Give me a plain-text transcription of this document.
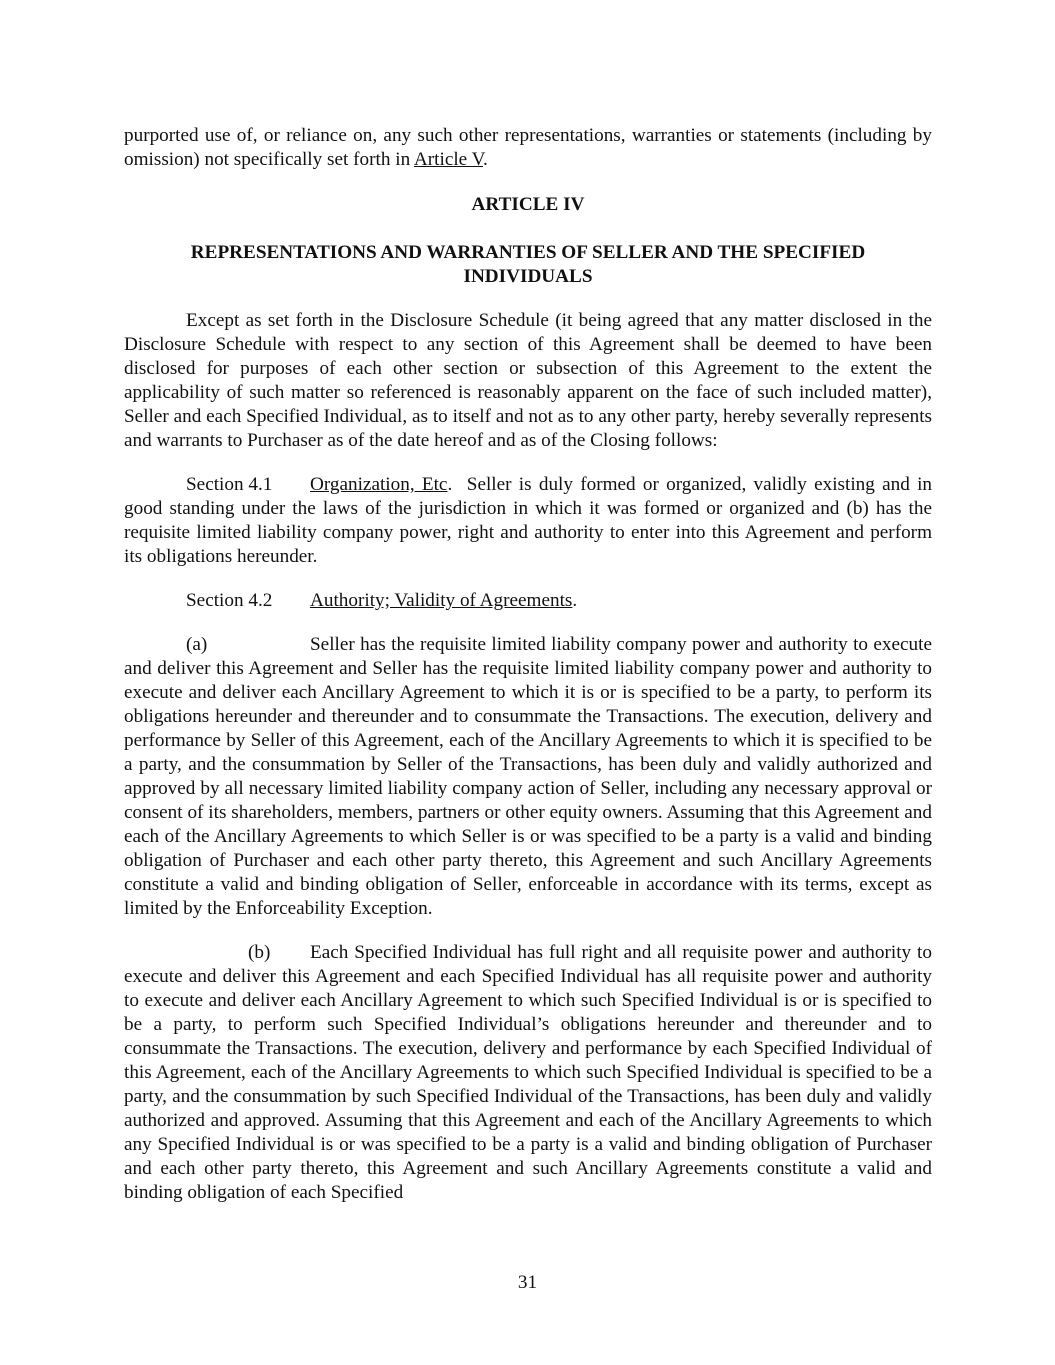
purported use of, or reliance on, any such other representations, warranties or statements (including by omission) not specifically set forth in Article V.

ARTICLE IV

REPRESENTATIONS AND WARRANTIES OF SELLER AND THE SPECIFIED INDIVIDUALS

Except as set forth in the Disclosure Schedule (it being agreed that any matter disclosed in the Disclosure Schedule with respect to any section of this Agreement shall be deemed to have been disclosed for purposes of each other section or subsection of this Agreement to the extent the applicability of such matter so referenced is reasonably apparent on the face of such included matter), Seller and each Specified Individual, as to itself and not as to any other party, hereby severally represents and warrants to Purchaser as of the date hereof and as of the Closing follows:

Section 4.1 Organization, Etc. Seller is duly formed or organized, validly existing and in good standing under the laws of the jurisdiction in which it was formed or organized and (b) has the requisite limited liability company power, right and authority to enter into this Agreement and perform its obligations hereunder.

Section 4.2 Authority; Validity of Agreements.

(a)	Seller has the requisite limited liability company power and authority to execute and deliver this Agreement and Seller has the requisite limited liability company power and authority to execute and deliver each Ancillary Agreement to which it is or is specified to be a party, to perform its obligations hereunder and thereunder and to consummate the Transactions. The execution, delivery and performance by Seller of this Agreement, each of the Ancillary Agreements to which it is specified to be a party, and the consummation by Seller of the Transactions, has been duly and validly authorized and approved by all necessary limited liability company action of Seller, including any necessary approval or consent of its shareholders, members, partners or other equity owners. Assuming that this Agreement and each of the Ancillary Agreements to which Seller is or was specified to be a party is a valid and binding obligation of Purchaser and each other party thereto, this Agreement and such Ancillary Agreements constitute a valid and binding obligation of Seller, enforceable in accordance with its terms, except as limited by the Enforceability Exception.

(b) Each Specified Individual has full right and all requisite power and authority to execute and deliver this Agreement and each Specified Individual has all requisite power and authority to execute and deliver each Ancillary Agreement to which such Specified Individual is or is specified to be a party, to perform such Specified Individual’s obligations hereunder and thereunder and to consummate the Transactions. The execution, delivery and performance by each Specified Individual of this Agreement, each of the Ancillary Agreements to which such Specified Individual is specified to be a party, and the consummation by such Specified Individual of the Transactions, has been duly and validly authorized and approved. Assuming that this Agreement and each of the Ancillary Agreements to which any Specified Individual is or was specified to be a party is a valid and binding obligation of Purchaser and each other party thereto, this Agreement and such Ancillary Agreements constitute a valid and binding obligation of each Specified

31
